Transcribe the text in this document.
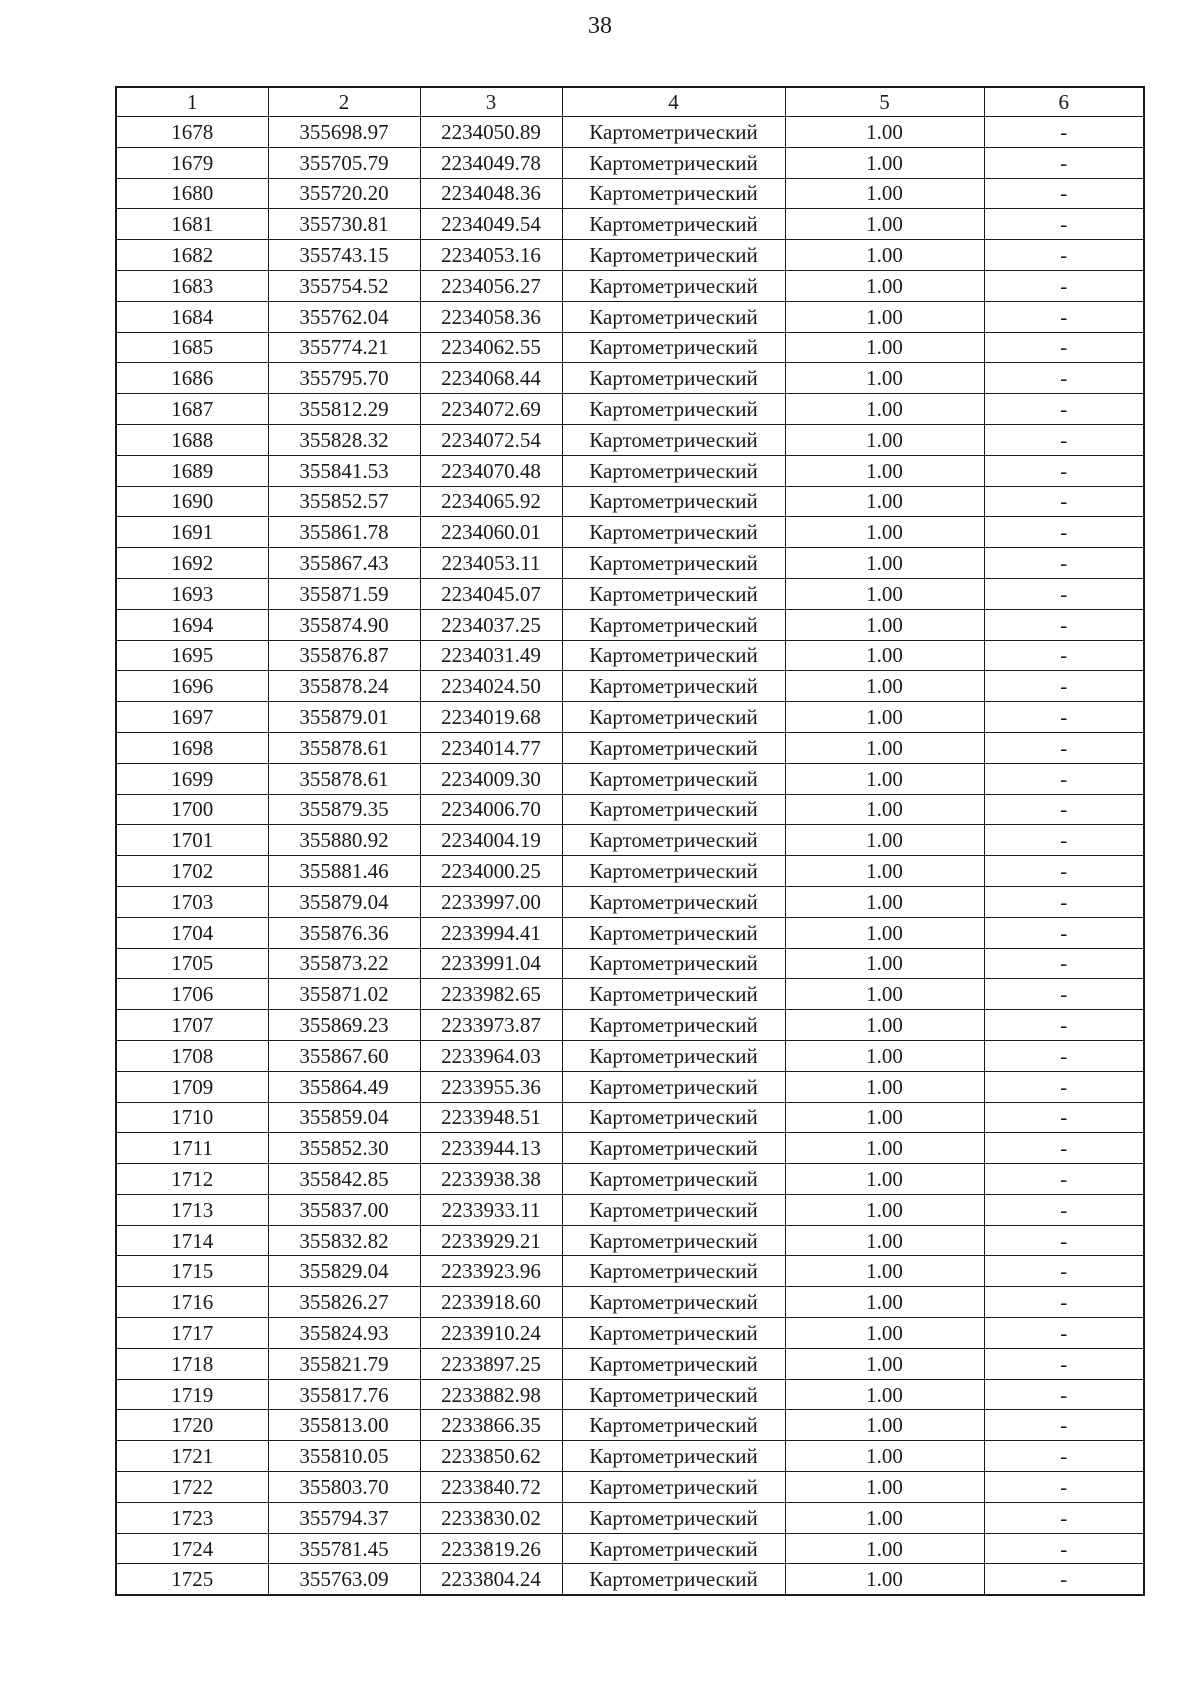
38
1	2	3	4	5	6
1678	355698.97	2234050.89	Картометрический	1.00	-
1679	355705.79	2234049.78	Картометрический	1.00	-
1680	355720.20	2234048.36	Картометрический	1.00	-
1681	355730.81	2234049.54	Картометрический	1.00	-
1682	355743.15	2234053.16	Картометрический	1.00	-
1683	355754.52	2234056.27	Картометрический	1.00	-
1684	355762.04	2234058.36	Картометрический	1.00	-
1685	355774.21	2234062.55	Картометрический	1.00	-
1686	355795.70	2234068.44	Картометрический	1.00	-
1687	355812.29	2234072.69	Картометрический	1.00	-
1688	355828.32	2234072.54	Картометрический	1.00	-
1689	355841.53	2234070.48	Картометрический	1.00	-
1690	355852.57	2234065.92	Картометрический	1.00	-
1691	355861.78	2234060.01	Картометрический	1.00	-
1692	355867.43	2234053.11	Картометрический	1.00	-
1693	355871.59	2234045.07	Картометрический	1.00	-
1694	355874.90	2234037.25	Картометрический	1.00	-
1695	355876.87	2234031.49	Картометрический	1.00	-
1696	355878.24	2234024.50	Картометрический	1.00	-
1697	355879.01	2234019.68	Картометрический	1.00	-
1698	355878.61	2234014.77	Картометрический	1.00	-
1699	355878.61	2234009.30	Картометрический	1.00	-
1700	355879.35	2234006.70	Картометрический	1.00	-
1701	355880.92	2234004.19	Картометрический	1.00	-
1702	355881.46	2234000.25	Картометрический	1.00	-
1703	355879.04	2233997.00	Картометрический	1.00	-
1704	355876.36	2233994.41	Картометрический	1.00	-
1705	355873.22	2233991.04	Картометрический	1.00	-
1706	355871.02	2233982.65	Картометрический	1.00	-
1707	355869.23	2233973.87	Картометрический	1.00	-
1708	355867.60	2233964.03	Картометрический	1.00	-
1709	355864.49	2233955.36	Картометрический	1.00	-
1710	355859.04	2233948.51	Картометрический	1.00	-
1711	355852.30	2233944.13	Картометрический	1.00	-
1712	355842.85	2233938.38	Картометрический	1.00	-
1713	355837.00	2233933.11	Картометрический	1.00	-
1714	355832.82	2233929.21	Картометрический	1.00	-
1715	355829.04	2233923.96	Картометрический	1.00	-
1716	355826.27	2233918.60	Картометрический	1.00	-
1717	355824.93	2233910.24	Картометрический	1.00	-
1718	355821.79	2233897.25	Картометрический	1.00	-
1719	355817.76	2233882.98	Картометрический	1.00	-
1720	355813.00	2233866.35	Картометрический	1.00	-
1721	355810.05	2233850.62	Картометрический	1.00	-
1722	355803.70	2233840.72	Картометрический	1.00	-
1723	355794.37	2233830.02	Картометрический	1.00	-
1724	355781.45	2233819.26	Картометрический	1.00	-
1725	355763.09	2233804.24	Картометрический	1.00	-
